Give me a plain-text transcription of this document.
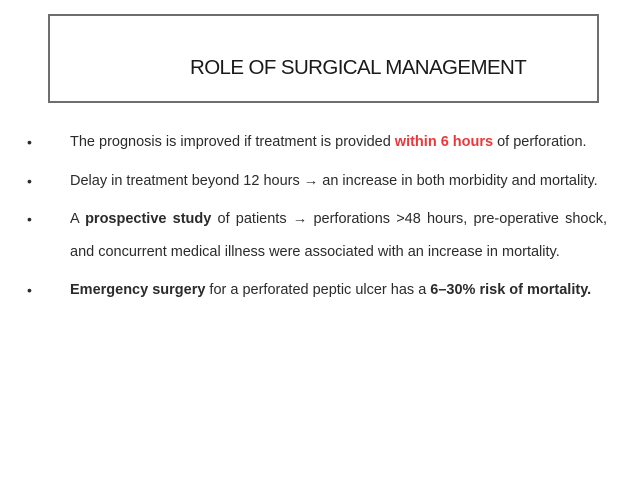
ROLE OF SURGICAL MANAGEMENT
•	The prognosis is improved if treatment is provided within 6 hours of perforation.
•	Delay in treatment beyond 12 hours → an increase in both morbidity and mortality.
•	A prospective study of patients → perforations >48 hours, pre-operative shock, and concurrent medical illness were associated with an increase in mortality.
•	Emergency surgery for a perforated peptic ulcer has a 6–30% risk of mortality.
